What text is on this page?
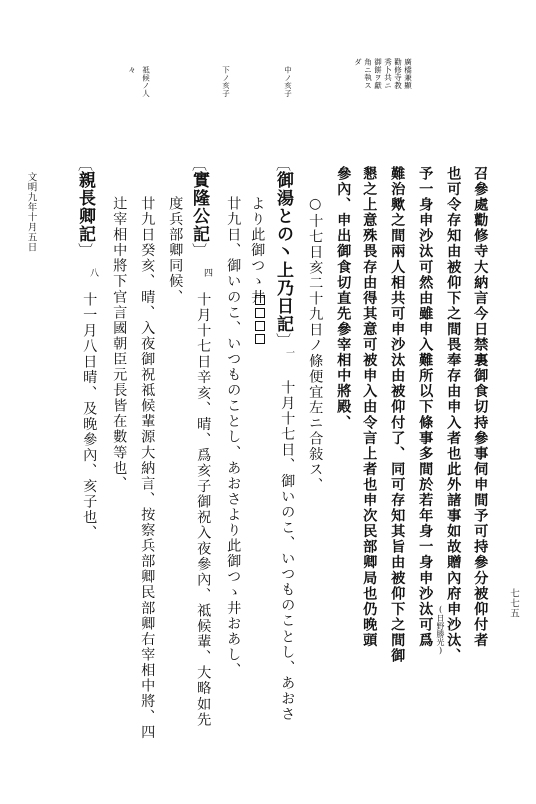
七七五
文明九年十月五日
廣橋兼顯
勸修寺教
秀卜共ニ
御餅ヲ獻
角ニ執ス
ダ
中ノ亥子
下ノ亥子
祗候ノ人
々
召參處勸修寺大納言今日禁裏御食切持參事伺申間予可持參分被仰付者
也可令存知由被仰下之間畏奉存由申入者也此外諸事如故贈內府申沙汰、
予一身申沙汰可然由雖申入難所以下條事多間於若年身一身申沙汰可爲 (日野勝光)
難治歟之間兩人相共可申沙汰由被仰付了、同可存知其旨由被仰下之間御
懇之上意殊畏存由得其意可被申入由令言上者也申次民部卿局也仍晚頭
參內、申出御食切直先參宰相中將殿、
○十七日亥二十九日ノ條便宜左ニ合敍ス、
〔御湯との丶上乃日記〕
一
十月十七日、御いのこ、いつものことし、あおさ
より此御つゝ井
廿九日、御いのこ、いつものことし、あおさより此御つゝ井おあし、
〔實隆公記〕
四
十月十七日辛亥、晴、爲亥子御祝入夜參內、祗候輩、大略如先
度兵部卿同候、
廿九日癸亥、晴、入夜御祝祗候輩源大納言、按察兵部卿民部卿右宰相中將、四
辻宰相中將下官言國朝臣元長皆在數等也、
〔親長卿記〕
八
十一月八日晴、及晚參內、亥子也、
